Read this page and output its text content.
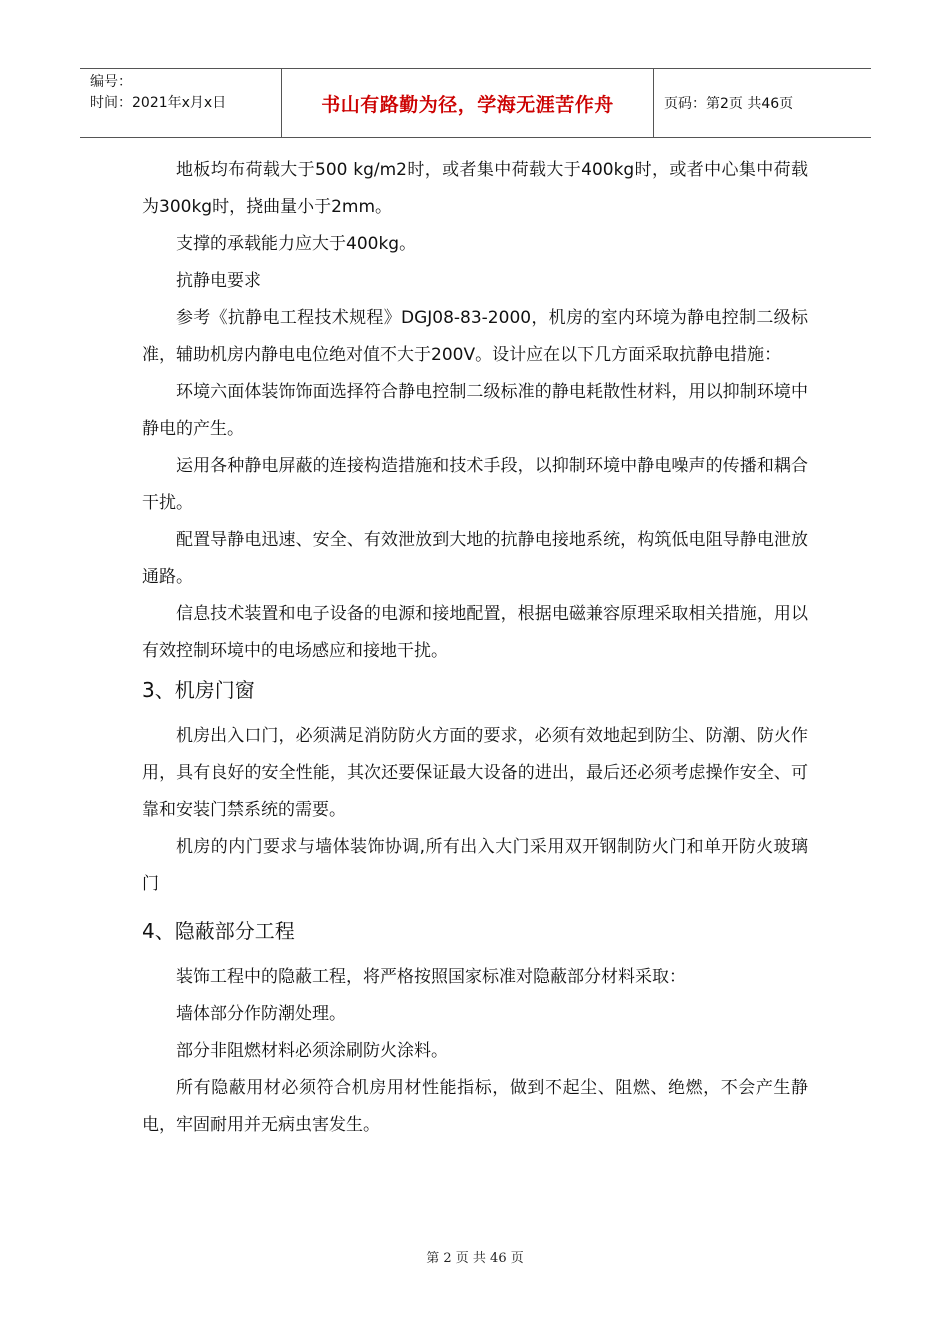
编号：
时间：2021年x月x日	书山有路勤为径，学海无涯苦作舟	页码：第2页 共46页

地板均布荷载大于500 kg/m2时，或者集中荷载大于400kg时，或者中心集中荷载为300kg时，挠曲量小于2mm。

支撑的承载能力应大于400kg。

抗静电要求

参考《抗静电工程技术规程》DGJ08-83-2000，机房的室内环境为静电控制二级标准，辅助机房内静电电位绝对值不大于200V。设计应在以下几方面采取抗静电措施：

环境六面体装饰饰面选择符合静电控制二级标准的静电耗散性材料，用以抑制环境中静电的产生。

运用各种静电屏蔽的连接构造措施和技术手段，以抑制环境中静电噪声的传播和耦合干扰。

配置导静电迅速、安全、有效泄放到大地的抗静电接地系统，构筑低电阻导静电泄放通路。

信息技术装置和电子设备的电源和接地配置，根据电磁兼容原理采取相关措施，用以有效控制环境中的电场感应和接地干扰。

3、机房门窗

机房出入口门，必须满足消防防火方面的要求，必须有效地起到防尘、防潮、防火作用，具有良好的安全性能，其次还要保证最大设备的进出，最后还必须考虑操作安全、可靠和安装门禁系统的需要。

机房的内门要求与墙体装饰协调,所有出入大门采用双开钢制防火门和单开防火玻璃门

4、隐蔽部分工程

装饰工程中的隐蔽工程，将严格按照国家标准对隐蔽部分材料采取：

墙体部分作防潮处理。

部分非阻燃材料必须涂刷防火涂料。

所有隐蔽用材必须符合机房用材性能指标，做到不起尘、阻燃、绝燃，不会产生静电，牢固耐用并无病虫害发生。

第 2 页 共 46 页
